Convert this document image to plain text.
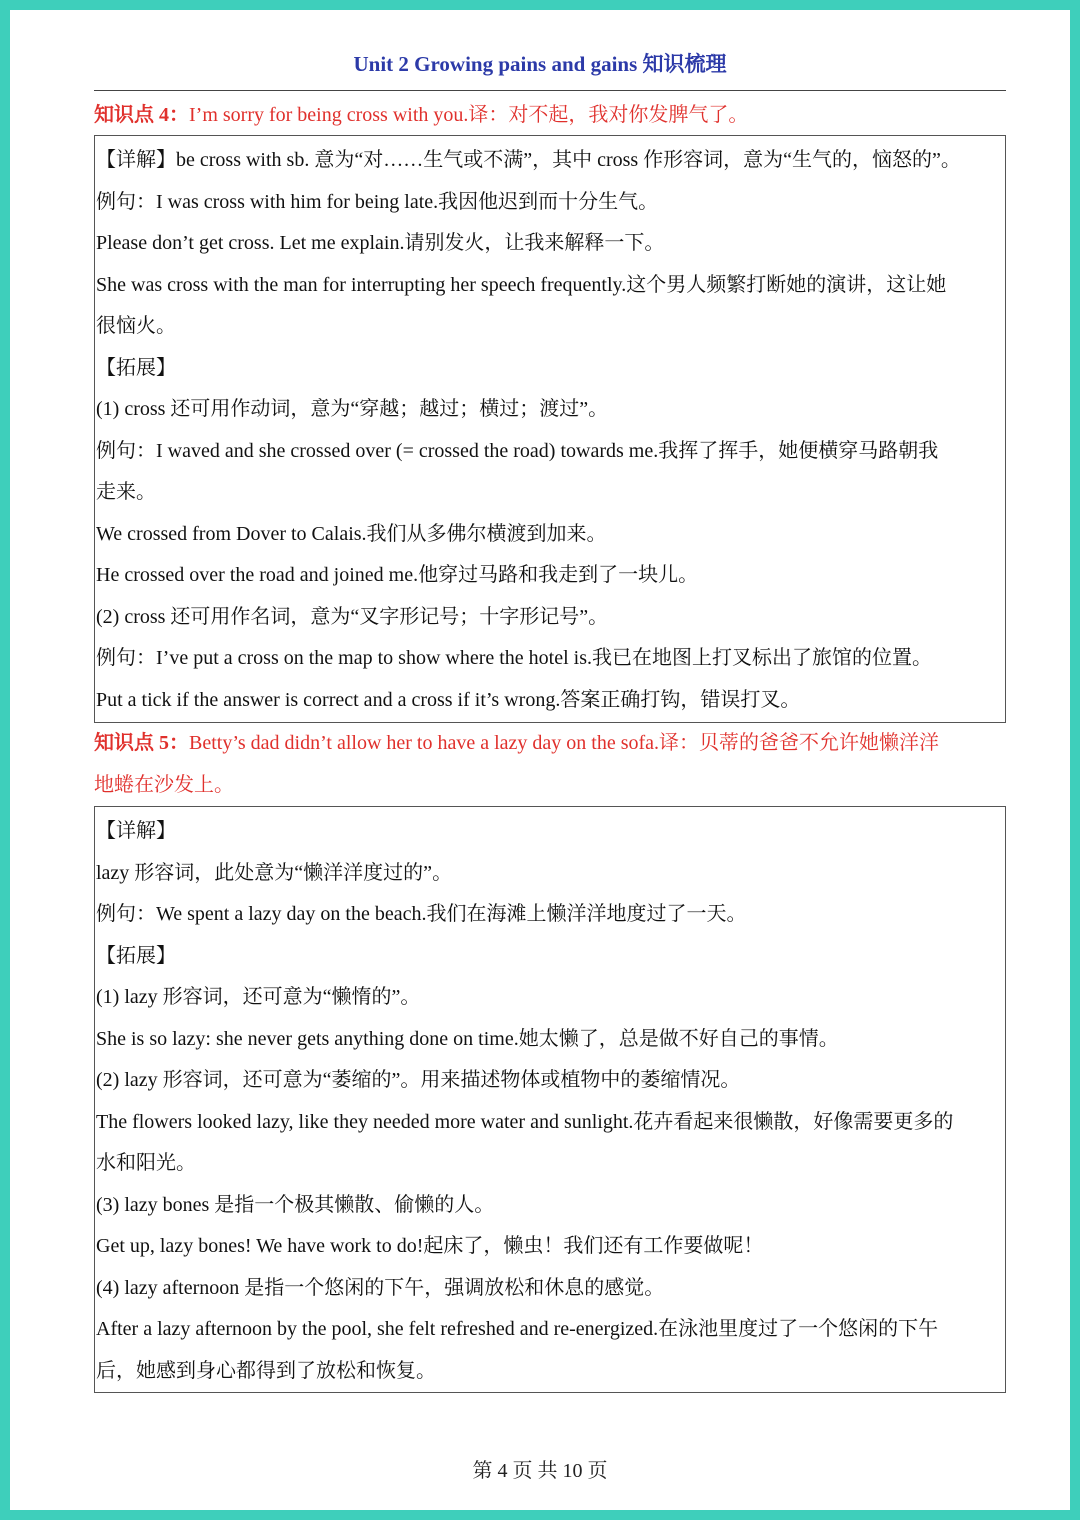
Unit 2 Growing pains and gains 知识梳理
知识点 4：I’m sorry for being cross with you.译：对不起，我对你发脾气了。
【详解】be cross with sb. 意为“对……生气或不满”，其中 cross 作形容词，意为“生气的，恼怒的”。
例句：I was cross with him for being late.我因他迟到而十分生气。
Please don’t get cross. Let me explain.请别发火，让我来解释一下。
She was cross with the man for interrupting her speech frequently.这个男人频繁打断她的演讲，这让她
很恼火。
【拓展】
(1) cross 还可用作动词，意为“穿越；越过；横过；渡过”。
例句：I waved and she crossed over (= crossed the road) towards me.我挥了挥手，她便横穿马路朝我
走来。
We crossed from Dover to Calais.我们从多佛尔横渡到加来。
He crossed over the road and joined me.他穿过马路和我走到了一块儿。
(2) cross 还可用作名词，意为“叉字形记号；十字形记号”。
例句：I’ve put a cross on the map to show where the hotel is.我已在地图上打叉标出了旅馆的位置。
Put a tick if the answer is correct and a cross if it’s wrong.答案正确打钩，错误打叉。
知识点 5：Betty’s dad didn’t allow her to have a lazy day on the sofa.译：贝蒂的爸爸不允许她懒洋洋
地蜷在沙发上。
【详解】
lazy 形容词，此处意为“懒洋洋度过的”。
例句：We spent a lazy day on the beach.我们在海滩上懒洋洋地度过了一天。
【拓展】
(1) lazy 形容词，还可意为“懒惰的”。
She is so lazy: she never gets anything done on time.她太懒了，总是做不好自己的事情。
(2) lazy 形容词，还可意为“萎缩的”。用来描述物体或植物中的萎缩情况。
The flowers looked lazy, like they needed more water and sunlight.花卉看起来很懒散，好像需要更多的
水和阳光。
(3) lazy bones 是指一个极其懒散、偷懒的人。
Get up, lazy bones! We have work to do!起床了，懒虫！我们还有工作要做呢！
(4) lazy afternoon 是指一个悠闲的下午，强调放松和休息的感觉。
After a lazy afternoon by the pool, she felt refreshed and re-energized.在泳池里度过了一个悠闲的下午
后，她感到身心都得到了放松和恢复。
第 4 页 共 10 页
